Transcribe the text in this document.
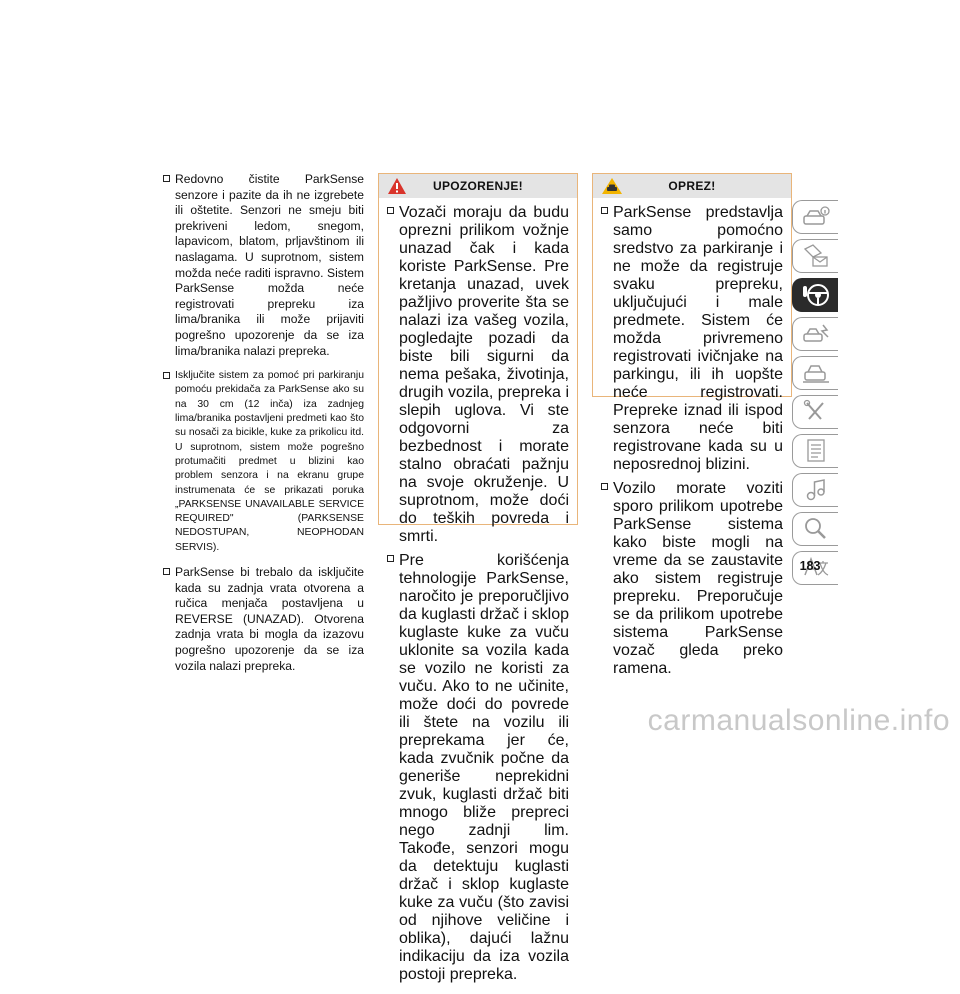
Redovno čistite ParkSense senzore i pazite da ih ne izgrebete ili oštetite. Senzori ne smeju biti prekriveni ledom, snegom, lapavicom, blatom, prljavštinom ili naslagama. U suprotnom, sistem možda neće raditi ispravno. Sistem ParkSense možda neće registrovati prepreku iza lima/branika ili može prijaviti pogrešno upozorenje da se iza lima/branika nalazi prepreka.
Isključite sistem za pomoć pri parkiranju pomoću prekidača za ParkSense ako su na 30 cm (12 inča) iza zadnjeg lima/branika postavljeni predmeti kao što su nosači za bicikle, kuke za prikolicu itd. U suprotnom, sistem može pogrešno protumačiti predmet u blizini kao problem senzora i na ekranu grupe instrumenata će se prikazati poruka „PARKSENSE UNAVAILABLE SERVICE REQUIRED" (PARKSENSE NEDOSTUPAN, NEOPHODAN SERVIS).
ParkSense bi trebalo da isključite kada su zadnja vrata otvorena a ručica menjača postavljena u REVERSE (UNAZAD). Otvorena zadnja vrata bi mogla da izazovu pogrešno upozorenje da se iza vozila nalazi prepreka.
UPOZORENJE!
Vozači moraju da budu oprezni prilikom vožnje unazad čak i kada koriste ParkSense. Pre kretanja unazad, uvek pažljivo proverite šta se nalazi iza vašeg vozila, pogledajte pozadi da biste bili sigurni da nema pešaka, životinja, drugih vozila, prepreka i slepih uglova. Vi ste odgovorni za bezbednost i morate stalno obraćati pažnju na svoje okruženje. U suprotnom, može doći do teških povreda i smrti.
Pre korišćenja tehnologije ParkSense, naročito je preporučljivo da kuglasti držač i sklop kuglaste kuke za vuču uklonite sa vozila kada se vozilo ne koristi za vuču. Ako to ne učinite, može doći do povrede ili štete na vozilu ili preprekama jer će, kada zvučnik počne da generiše neprekidni zvuk, kuglasti držač biti mnogo bliže prepreci nego zadnji lim. Takođe, senzori mogu da detektuju kuglasti držač i sklop kuglaste kuke za vuču (što zavisi od njihove veličine i oblika), dajući lažnu indikaciju da iza vozila postoji prepreka.
OPREZ!
ParkSense predstavlja samo pomoćno sredstvo za parkiranje i ne može da registruje svaku prepreku, uključujući i male predmete. Sistem će možda privremeno registrovati ivičnjake na parkingu, ili ih uopšte neće registrovati. Prepreke iznad ili ispod senzora neće biti registrovane kada su u neposrednoj blizini.
Vozilo morate voziti sporo prilikom upotrebe ParkSense sistema kako biste mogli na vreme da se zaustavite ako sistem registruje prepreku. Preporučuje se da prilikom upotrebe sistema ParkSense vozač gleda preko ramena.
183
carmanualsonline.info
